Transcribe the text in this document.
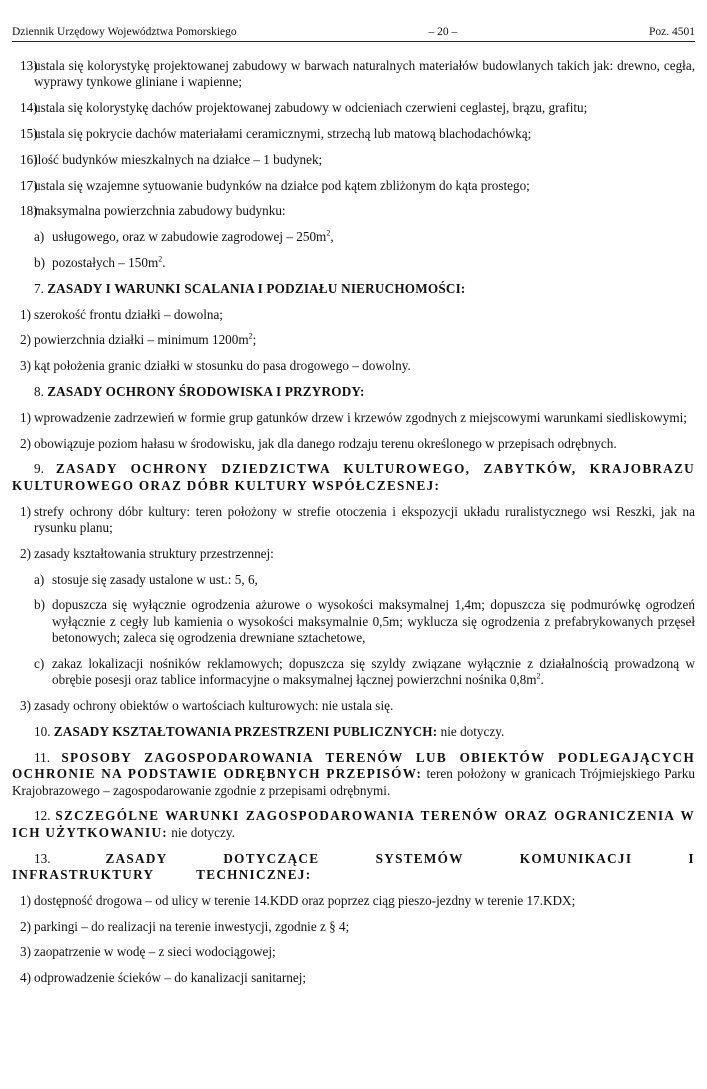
Dziennik Urzędowy Województwa Pomorskiego	– 20 –	Poz. 4501
13)
ustala się kolorystykę projektowanej zabudowy w barwach naturalnych materiałów budowlanych takich jak: drewno, cegła, wyprawy tynkowe gliniane i wapienne;
14)
ustala się kolorystykę dachów projektowanej zabudowy w odcieniach czerwieni ceglastej, brązu, grafitu;
15)
ustala się pokrycie dachów materiałami ceramicznymi, strzechą lub matową blachodachówką;
16)
ilość budynków mieszkalnych na działce – 1 budynek;
17)
ustala się wzajemne sytuowanie budynków na działce pod kątem zbliżonym do kąta prostego;
18)
maksymalna powierzchnia zabudowy budynku:
a) usługowego, oraz w zabudowie zagrodowej – $250m^2$,
b) pozostałych – $150m^2$.

7. ZASADY I WARUNKI SCALANIA I PODZIAŁU NIERUCHOMOŚCI:

1) szerokość frontu działki – dowolna;
2) powierzchnia działki – minimum $1200m^2$;
3) kąt położenia granic działki w stosunku do pasa drogowego – dowolny.

8. ZASADY OCHRONY ŚRODOWISKA I PRZYRODY:

1) wprowadzenie zadrzewień w formie grup gatunków drzew i krzewów zgodnych z miejscowymi warunkami siedliskowymi;
2) obowiązuje poziom hałasu w środowisku, jak dla danego rodzaju terenu określonego w przepisach odrębnych.

9. ZASADY OCHRONY DZIEDZICTWA KULTUROWEGO, ZABYTKÓW, KRAJOBRAZU KULTUROWEGO ORAZ DÓBR KULTURY WSPÓŁCZESNEJ:

1) strefy ochrony dóbr kultury: teren położony w strefie otoczenia i ekspozycji układu ruralistycznego wsi Reszki, jak na rysunku planu;
2) zasady kształtowania struktury przestrzennej:
a) stosuje się zasady ustalone w ust.: 5, 6,
b) dopuszcza się wyłącznie ogrodzenia ażurowe o wysokości maksymalnej 1,4m; dopuszcza się podmurówkę ogrodzeń wyłącznie z cegły lub kamienia o wysokości maksymalnie 0,5m; wyklucza się ogrodzenia z prefabrykowanych przęseł betonowych; zaleca się ogrodzenia drewniane sztachetowe,
c) zakaz lokalizacji nośników reklamowych; dopuszcza się szyldy związane wyłącznie z działalnością prowadzoną w obrębie posesji oraz tablice informacyjne o maksymalnej łącznej powierzchni nośnika $0,8m^2$.
3) zasady ochrony obiektów o wartościach kulturowych: nie ustala się.

10. ZASADY KSZTAŁTOWANIA PRZESTRZENI PUBLICZNYCH: nie dotyczy.

11. SPOSOBY ZAGOSPODAROWANIA TERENÓW LUB OBIEKTÓW PODLEGAJĄCYCH OCHRONIE NA PODSTAWIE ODRĘBNYCH PRZEPISÓW: teren położony w granicach Trójmiejskiego Parku Krajobrazowego – zagospodarowanie zgodnie z przepisami odrębnymi.

12. SZCZEGÓLNE WARUNKI ZAGOSPODAROWANIA TERENÓW ORAZ OGRANICZENIA W ICH UŻYTKOWANIU: nie dotyczy.

13.	ZASADY DOTYCZĄCE SYSTEMÓW KOMUNIKACJI I INFRASTRUKTURY TECHNICZNEJ:

1) dostępność drogowa – od ulicy w terenie 14.KDD oraz poprzez ciąg pieszo-jezdny w terenie 17.KDX;
2) parkingi – do realizacji na terenie inwestycji, zgodnie z § 4;
3) zaopatrzenie w wodę – z sieci wodociągowej;
4) odprowadzenie ścieków – do kanalizacji sanitarnej;
